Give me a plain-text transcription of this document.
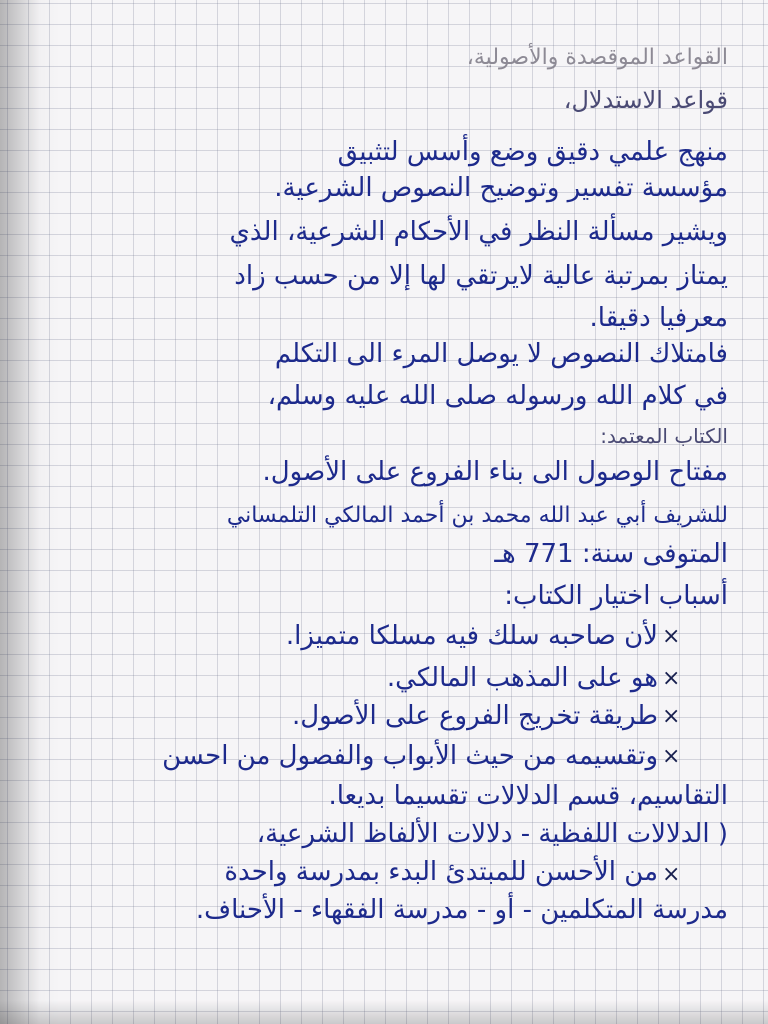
القواعد الموقصدة والأصولية،
قواعد الاستدلال،
منهج علمي دقيق وضع وأسس لتثبيق
مؤسسة تفسير وتوضيح النصوص الشرعية.
ويشير مسألة النظر في الأحكام الشرعية، الذي
يمتاز بمرتبة عالية لايرتقي لها إلا من حسب زاد
معرفيا دقيقا.
فامتلاك النصوص لا يوصل المرء الى التكلم
في كلام الله ورسوله صلى الله عليه وسلم،
الكتاب المعتمد:
مفتاح الوصول الى بناء الفروع على الأصول.
للشريف أبي عبد الله محمد بن أحمد المالكي التلمساني
المتوفى سنة: 771 هـ
أسباب اختيار الكتاب:
لأن صاحبه سلك فيه مسلكا متميزا.
هو على المذهب المالكي.
طريقة تخريج الفروع على الأصول.
وتقسيمه من حيث الأبواب والفصول من احسن
التقاسيم، قسم الدلالات تقسيما بديعا.
( الدلالات اللفظية - دلالات الألفاظ الشرعية،
من الأحسن للمبتدئ البدء بمدرسة واحدة
مدرسة المتكلمين - أو - مدرسة الفقهاء - الأحناف.
×
×
×
×
×
